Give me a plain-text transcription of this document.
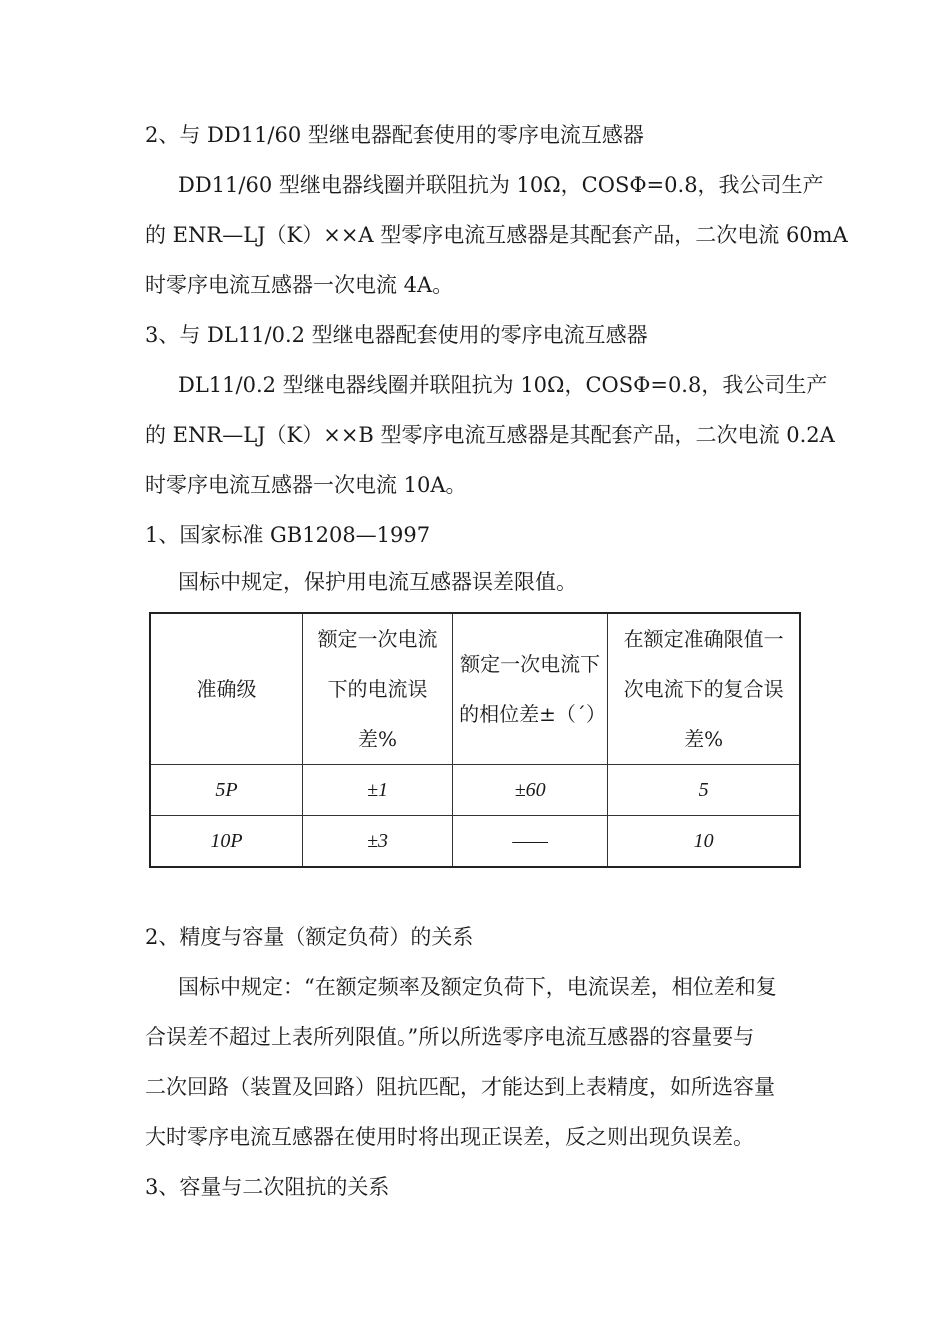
2、与 DD11/60 型继电器配套使用的零序电流互感器
DD11/60 型继电器线圈并联阻抗为 10Ω，COSΦ=0.8，我公司生产
的 ENR—LJ（K）××A 型零序电流互感器是其配套产品，二次电流 60mA
时零序电流互感器一次电流 4A。
3、与 DL11/0.2 型继电器配套使用的零序电流互感器
DL11/0.2 型继电器线圈并联阻抗为 10Ω，COSΦ=0.8，我公司生产
的 ENR—LJ（K）××B 型零序电流互感器是其配套产品，二次电流 0.2A
时零序电流互感器一次电流 10A。
1、国家标准 GB1208—1997
国标中规定，保护用电流互感器误差限值。
准确级	额定一次电流下的电流误差%	额定一次电流下的相位差±（´）	在额定准确限值一次电流下的复合误差%
5P	±1	±60	5
10P	±3	——	10
2、精度与容量（额定负荷）的关系
国标中规定：“在额定频率及额定负荷下，电流误差，相位差和复
合误差不超过上表所列限值。”所以所选零序电流互感器的容量要与
二次回路（装置及回路）阻抗匹配，才能达到上表精度，如所选容量
大时零序电流互感器在使用时将出现正误差，反之则出现负误差。
3、容量与二次阻抗的关系
